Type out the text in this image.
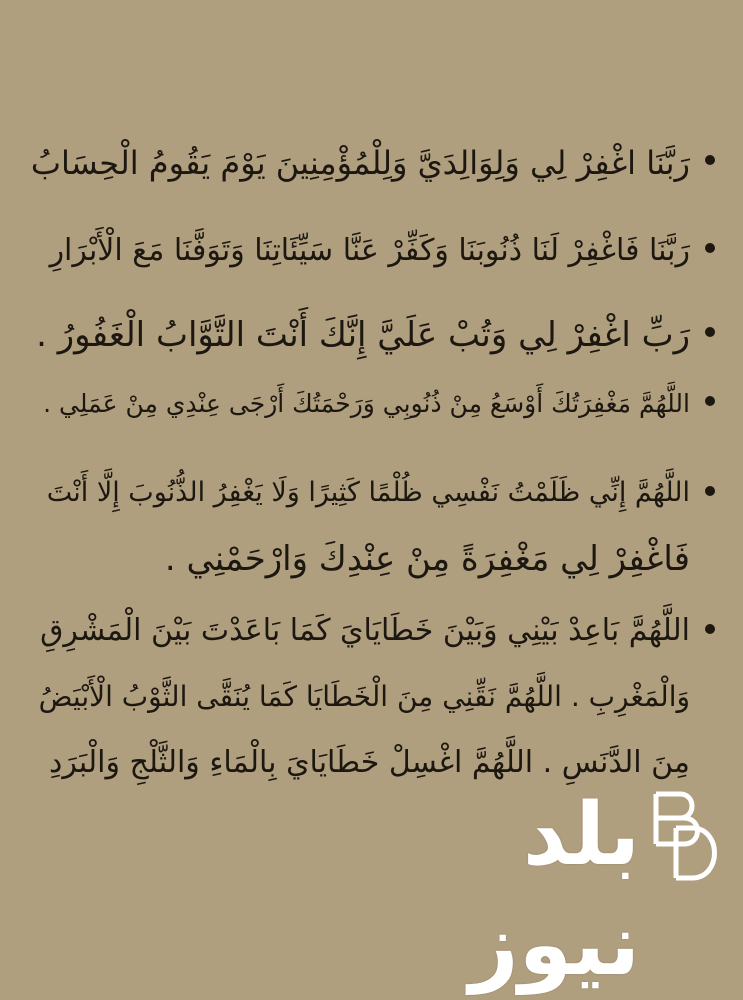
رَبَّنَا اغْفِرْ لِي وَلِوَالِدَيَّ وَلِلْمُؤْمِنِينَ يَوْمَ يَقُومُ الْحِسَابُ
رَبَّنَا فَاغْفِرْ لَنَا ذُنُوبَنَا وَكَفِّرْ عَنَّا سَيِّئَاتِنَا وَتَوَفَّنَا مَعَ الْأَبْرَارِ
رَبِّ اغْفِرْ لِي وَتُبْ عَلَيَّ إِنَّكَ أَنْتَ التَّوَّابُ الْغَفُورُ .
اللَّهُمَّ مَغْفِرَتُكَ أَوْسَعُ مِنْ ذُنُوبِي وَرَحْمَتُكَ أَرْجَى عِنْدِي مِنْ عَمَلِي .
اللَّهُمَّ إِنِّي ظَلَمْتُ نَفْسِي ظُلْمًا كَثِيرًا وَلَا يَغْفِرُ الذُّنُوبَ إِلَّا أَنْتَ
فَاغْفِرْ لِي مَغْفِرَةً مِنْ عِنْدِكَ وَارْحَمْنِي .
اللَّهُمَّ بَاعِدْ بَيْنِي وَبَيْنَ خَطَايَايَ كَمَا بَاعَدْتَ بَيْنَ الْمَشْرِقِ
وَالْمَغْرِبِ . اللَّهُمَّ نَقِّنِي مِنَ الْخَطَايَا كَمَا يُنَقَّى الثَّوْبُ الْأَبْيَضُ
مِنَ الدَّنَسِ . اللَّهُمَّ اغْسِلْ خَطَايَايَ بِالْمَاءِ وَالثَّلْجِ وَالْبَرَدِ
بلد نيوز
